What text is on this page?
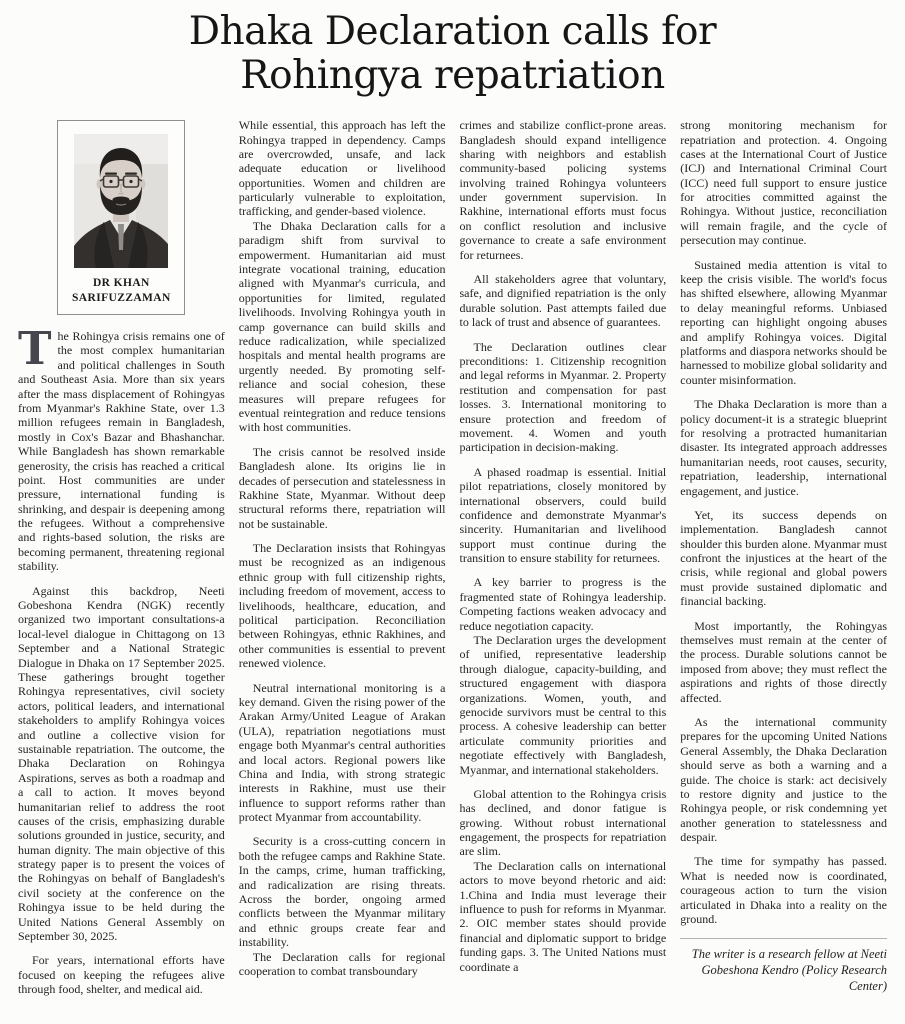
Dhaka Declaration calls for Rohingya repatriation
DR KHAN SARIFUZZAMAN

The Rohingya crisis remains one of the most complex humanitarian and political challenges in South and Southeast Asia. More than six years after the mass displacement of Rohingyas from Myanmar's Rakhine State, over 1.3 million refugees remain in Bangladesh, mostly in Cox's Bazar and Bhashanchar. While Bangladesh has shown remarkable generosity, the crisis has reached a critical point. Host communities are under pressure, international funding is shrinking, and despair is deepening among the refugees. Without a comprehensive and rights-based solution, the risks are becoming permanent, threatening regional stability.

Against this backdrop, Neeti Gobeshona Kendra (NGK) recently organized two important consultations-a local-level dialogue in Chittagong on 13 September and a National Strategic Dialogue in Dhaka on 17 September 2025. These gatherings brought together Rohingya representatives, civil society actors, political leaders, and international stakeholders to amplify Rohingya voices and outline a collective vision for sustainable repatriation. The outcome, the Dhaka Declaration on Rohingya Aspirations, serves as both a roadmap and a call to action. It moves beyond humanitarian relief to address the root causes of the crisis, emphasizing durable solutions grounded in justice, security, and human dignity. The main objective of this strategy paper is to present the voices of the Rohingyas on behalf of Bangladesh's civil society at the conference on the Rohingya issue to be held during the United Nations General Assembly on September 30, 2025.

For years, international efforts have focused on keeping the refugees alive through food, shelter, and medical aid.

While essential, this approach has left the Rohingya trapped in dependency. Camps are overcrowded, unsafe, and lack adequate education or livelihood opportunities. Women and children are particularly vulnerable to exploitation, trafficking, and gender-based violence.

The Dhaka Declaration calls for a paradigm shift from survival to empowerment. Humanitarian aid must integrate vocational training, education aligned with Myanmar's curricula, and opportunities for limited, regulated livelihoods. Involving Rohingya youth in camp governance can build skills and reduce radicalization, while specialized hospitals and mental health programs are urgently needed. By promoting self-reliance and social cohesion, these measures will prepare refugees for eventual reintegration and reduce tensions with host communities.

The crisis cannot be resolved inside Bangladesh alone. Its origins lie in decades of persecution and statelessness in Rakhine State, Myanmar. Without deep structural reforms there, repatriation will not be sustainable.

The Declaration insists that Rohingyas must be recognized as an indigenous ethnic group with full citizenship rights, including freedom of movement, access to livelihoods, healthcare, education, and political participation. Reconciliation between Rohingyas, ethnic Rakhines, and other communities is essential to prevent renewed violence.

Neutral international monitoring is a key demand. Given the rising power of the Arakan Army/United League of Arakan (ULA), repatriation negotiations must engage both Myanmar's central authorities and local actors. Regional powers like China and India, with strong strategic interests in Rakhine, must use their influence to support reforms rather than protect Myanmar from accountability.

Security is a cross-cutting concern in both the refugee camps and Rakhine State. In the camps, crime, human trafficking, and radicalization are rising threats. Across the border, ongoing armed conflicts between the Myanmar military and ethnic groups create fear and instability.

The Declaration calls for regional cooperation to combat transboundary

crimes and stabilize conflict-prone areas. Bangladesh should expand intelligence sharing with neighbors and establish community-based policing systems involving trained Rohingya volunteers under government supervision. In Rakhine, international efforts must focus on conflict resolution and inclusive governance to create a safe environment for returnees.

All stakeholders agree that voluntary, safe, and dignified repatriation is the only durable solution. Past attempts failed due to lack of trust and absence of guarantees.

The Declaration outlines clear preconditions: 1. Citizenship recognition and legal reforms in Myanmar. 2. Property restitution and compensation for past losses. 3. International monitoring to ensure protection and freedom of movement. 4. Women and youth participation in decision-making.

A phased roadmap is essential. Initial pilot repatriations, closely monitored by international observers, could build confidence and demonstrate Myanmar's sincerity. Humanitarian and livelihood support must continue during the transition to ensure stability for returnees.

A key barrier to progress is the fragmented state of Rohingya leadership. Competing factions weaken advocacy and reduce negotiation capacity.

The Declaration urges the development of unified, representative leadership through dialogue, capacity-building, and structured engagement with diaspora organizations. Women, youth, and genocide survivors must be central to this process. A cohesive leadership can better articulate community priorities and negotiate effectively with Bangladesh, Myanmar, and international stakeholders.

Global attention to the Rohingya crisis has declined, and donor fatigue is growing. Without robust international engagement, the prospects for repatriation are slim.

The Declaration calls on international actors to move beyond rhetoric and aid: 1.China and India must leverage their influence to push for reforms in Myanmar. 2. OIC member states should provide financial and diplomatic support to bridge funding gaps. 3. The United Nations must coordinate a

strong monitoring mechanism for repatriation and protection. 4. Ongoing cases at the International Court of Justice (ICJ) and International Criminal Court (ICC) need full support to ensure justice for atrocities committed against the Rohingya. Without justice, reconciliation will remain fragile, and the cycle of persecution may continue.

Sustained media attention is vital to keep the crisis visible. The world's focus has shifted elsewhere, allowing Myanmar to delay meaningful reforms. Unbiased reporting can highlight ongoing abuses and amplify Rohingya voices. Digital platforms and diaspora networks should be harnessed to mobilize global solidarity and counter misinformation.

The Dhaka Declaration is more than a policy document-it is a strategic blueprint for resolving a protracted humanitarian disaster. Its integrated approach addresses humanitarian needs, root causes, security, repatriation, leadership, international engagement, and justice.

Yet, its success depends on implementation. Bangladesh cannot shoulder this burden alone. Myanmar must confront the injustices at the heart of the crisis, while regional and global powers must provide sustained diplomatic and financial backing.

Most importantly, the Rohingyas themselves must remain at the center of the process. Durable solutions cannot be imposed from above; they must reflect the aspirations and rights of those directly affected.

As the international community prepares for the upcoming United Nations General Assembly, the Dhaka Declaration should serve as both a warning and a guide. The choice is stark: act decisively to restore dignity and justice to the Rohingya people, or risk condemning yet another generation to statelessness and despair.

The time for sympathy has passed. What is needed now is coordinated, courageous action to turn the vision articulated in Dhaka into a reality on the ground.

The writer is a research fellow at Neeti Gobeshona Kendro (Policy Research Center)
